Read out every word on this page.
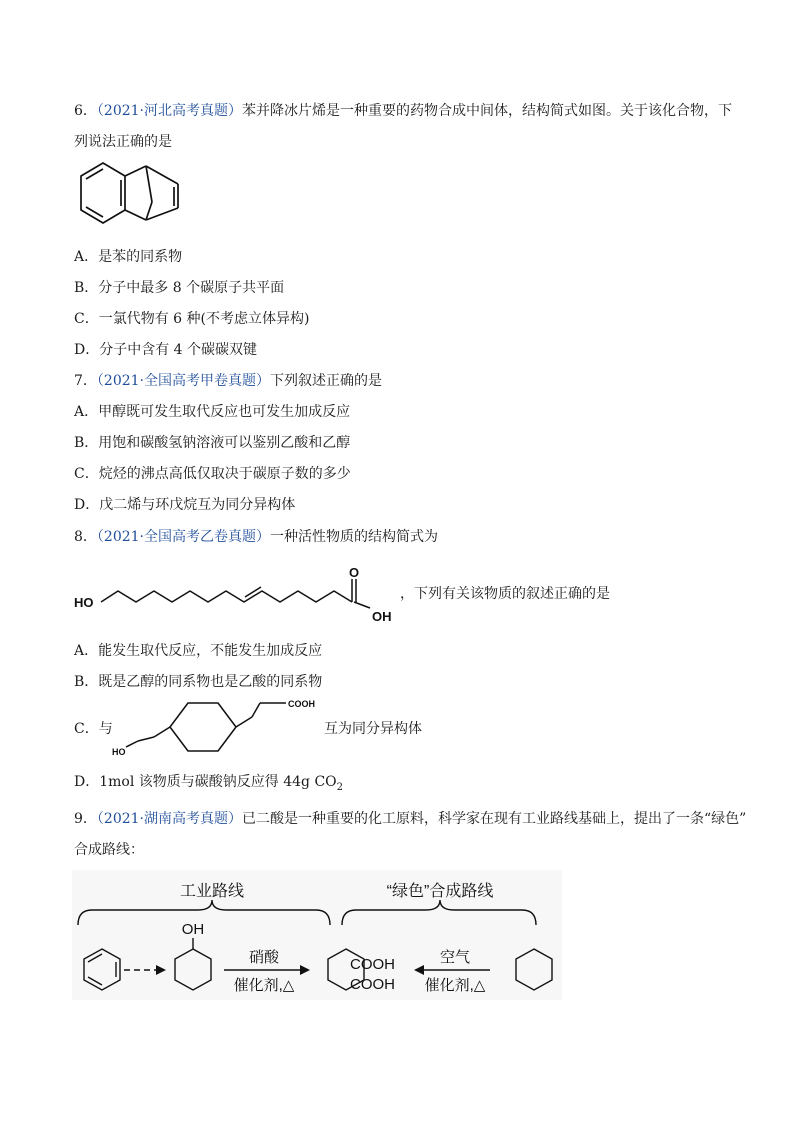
6．（2021·河北高考真题）苯并降冰片烯是一种重要的药物合成中间体，结构简式如图。关于该化合物，下
列说法正确的是
A．是苯的同系物
B．分子中最多 8 个碳原子共平面
C．一氯代物有 6 种(不考虑立体异构)
D．分子中含有 4 个碳碳双键
7．（2021·全国高考甲卷真题）下列叙述正确的是
A．甲醇既可发生取代反应也可发生加成反应
B．用饱和碳酸氢钠溶液可以鉴别乙酸和乙醇
C．烷烃的沸点高低仅取决于碳原子数的多少
D．戊二烯与环戊烷互为同分异构体
8．（2021·全国高考乙卷真题）一种活性物质的结构简式为
HO
O
OH
，下列有关该物质的叙述正确的是
A．能发生取代反应，不能发生加成反应
B．既是乙醇的同系物也是乙酸的同系物
C．与
COOH
HO
互为同分异构体
D．1mol 该物质与碳酸钠反应得 44g $CO_2$
9．（2021·湖南高考真题）已二酸是一种重要的化工原料，科学家在现有工业路线基础上，提出了一条“绿色”
合成路线：
工业路线	“绿色”合成路线
OH
硝酸
催化剂,△
COOH
COOH
空气
催化剂,△
